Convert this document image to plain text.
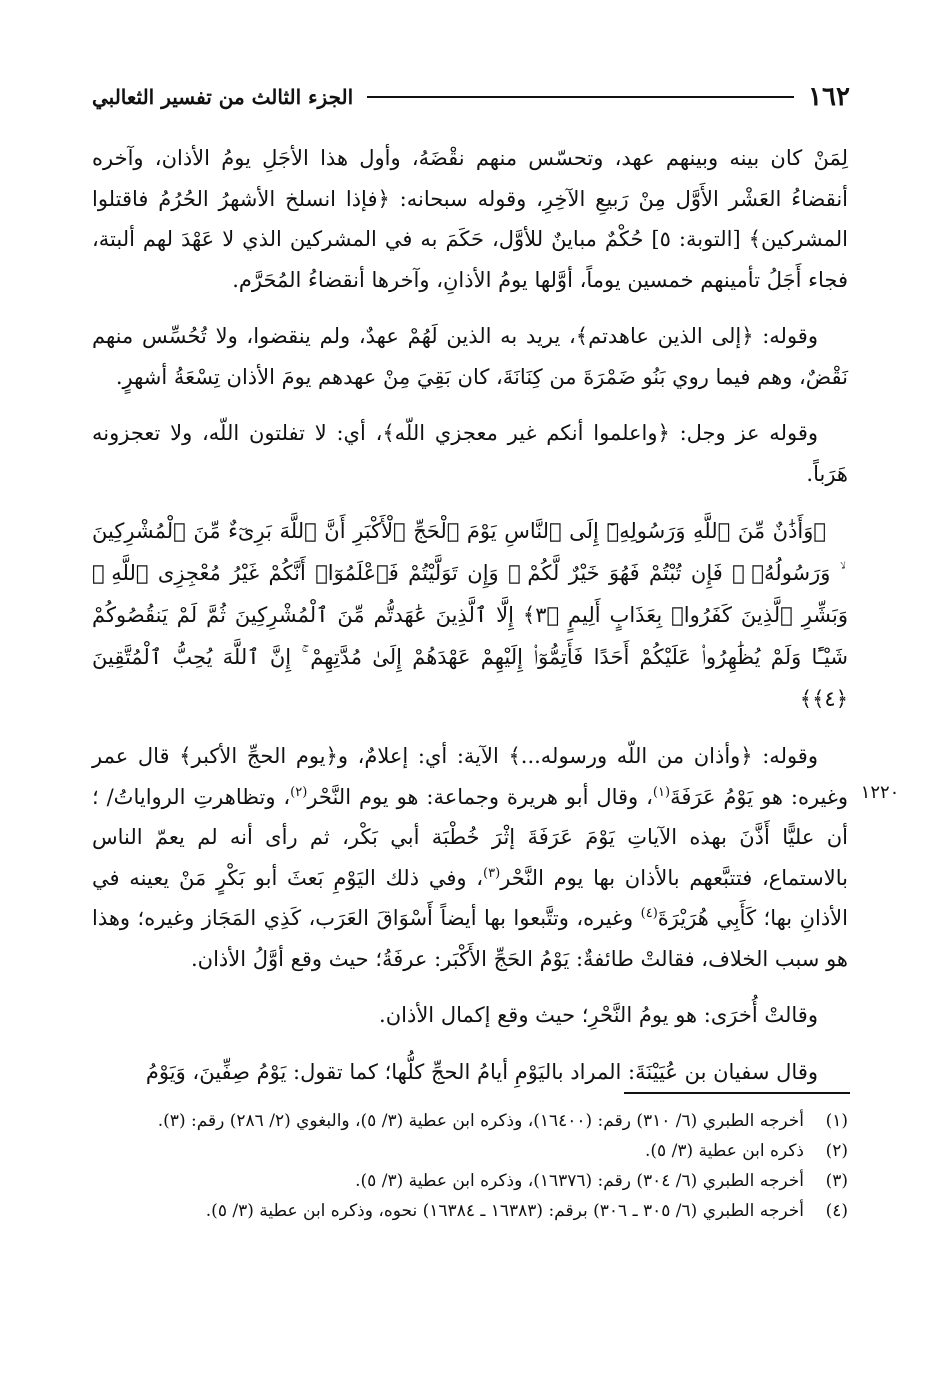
١٦٢
الجزء الثالث من تفسير الثعالبي
١٢٢٠

لِمَنْ كان بينه وبينهم عهد، وتحسّس منهم نقْضَهُ، وأول هذا الأجَلِ يومُ الأذان، وآخره أنقضاءُ العَشْر الأَوَّل مِنْ رَبيعِ الآخِرِ، وقوله سبحانه: ﴿فإذا انسلخ الأشهرُ الحُرُمُ فاقتلوا المشركين﴾ [التوبة: ٥] حُكْمٌ مباينٌ للأوَّل، حَكَمَ به في المشركين الذي لا عَهْدَ لهم ألبتة، فجاء أَجَلُ تأمينهم خمسين يوماً، أوَّلها يومُ الأذانِ، وآخرها أنقضاءُ المُحَرَّم.

وقوله: ﴿إلى الذين عاهدتم﴾، يريد به الذين لَهُمْ عهدٌ، ولم ينقضوا، ولا تُحُسِّس منهم نَقْضٌ، وهم فيما روي بَنُو ضَمْرَةَ من كِنَانَةَ، كان بَقِيَ مِنْ عهدهم يومَ الأذان تِسْعَةُ أشهرٍ.

وقوله عز وجل: ﴿واعلموا أنكم غير معجزي اللّه﴾، أي: لا تفلتون اللّه، ولا تعجزونه هَرَباً.

﴿وَأَذَٰنٌ مِّنَ ٱللَّهِ وَرَسُولِهِۦٓ إِلَى ٱلنَّاسِ يَوْمَ ٱلْحَجِّ ٱلْأَكْبَرِ أَنَّ ٱللَّهَ بَرِىٓءٌ مِّنَ ٱلْمُشْرِكِينَ ۙ وَرَسُولُهُۥ ۚ فَإِن تُبْتُمْ فَهُوَ خَيْرٌ لَّكُمْ ۖ وَإِن تَوَلَّيْتُمْ فَٱعْلَمُوٓا۟ أَنَّكُمْ غَيْرُ مُعْجِزِى ٱللَّهِ ۗ وَبَشِّرِ ٱلَّذِينَ كَفَرُوا۟ بِعَذَابٍ أَلِيمٍ ﴿٣﴾ إِلَّا ٱلَّذِينَ عَٰهَدتُّم مِّنَ ٱلْمُشْرِكِينَ ثُمَّ لَمْ يَنقُصُوكُمْ شَيْـًٔا وَلَمْ يُظَٰهِرُوا۟ عَلَيْكُمْ أَحَدًا فَأَتِمُّوٓا۟ إِلَيْهِمْ عَهْدَهُمْ إِلَىٰ مُدَّتِهِمْ ۚ إِنَّ ٱللَّهَ يُحِبُّ ٱلْمُتَّقِينَ ﴿٤﴾﴾

وقوله: ﴿وأذان من اللّه ورسوله...﴾ الآية: أي: إعلامٌ، و﴿يوم الحجِّ الأكبر﴾ قال عمر وغيره: هو يَوْمُ عَرَفَةَ$^{(١)}$، وقال أبو هريرة وجماعة: هو يوم النَّحْر$^{(٢)}$، وتظاهرتِ الرواياتُ/ ؛ أن عليًّا أَذَّنَ بهذه الآياتِ يَوْمَ عَرَفَةَ إثْرَ خُطْبَة أبي بَكْر، ثم رأى أنه لم يعمّ الناس بالاستماع، فتتبَّعهم بالأذان بها يوم النَّحْر$^{(٣)}$، وفي ذلك اليَوْمِ بَعثَ أبو بَكْرٍ مَنْ يعينه في الأذانِ بها؛ كَأَبِي هُرَيْرَةَ$^{(٤)}$ وغيره، وتتَّبعوا بها أيضاً أَسْوَاقَ العَرَب، كَذِي المَجَاز وغيره؛ وهذا هو سبب الخلاف، فقالتْ طائفةٌ: يَوْمُ الحَجِّ الأَكْبَر: عرفَةُ؛ حيث وقع أوَّلُ الأذان.

وقالتْ أُخرَى: هو يومُ النَّحْرِ؛ حيث وقع إكمال الأذان.

وقال سفيان بن عُيَيْنَةَ: المراد باليَوْمِ أيامُ الحجِّ كلُّها؛ كما تقول: يَوْمُ صِفِّينَ، وَيَوْمُ

(١)
أخرجه الطبري (٦/ ٣١٠) رقم: (١٦٤٠٠)، وذكره ابن عطية (٣/ ٥)، والبغوي (٢/ ٢٨٦) رقم: (٣).
(٢)
ذكره ابن عطية (٣/ ٥).
(٣)
أخرجه الطبري (٦/ ٣٠٤) رقم: (١٦٣٧٦)، وذكره ابن عطية (٣/ ٥).
(٤)
أخرجه الطبري (٦/ ٣٠٥ ـ ٣٠٦) برقم: (١٦٣٨٣ ـ ١٦٣٨٤) نحوه، وذكره ابن عطية (٣/ ٥).
